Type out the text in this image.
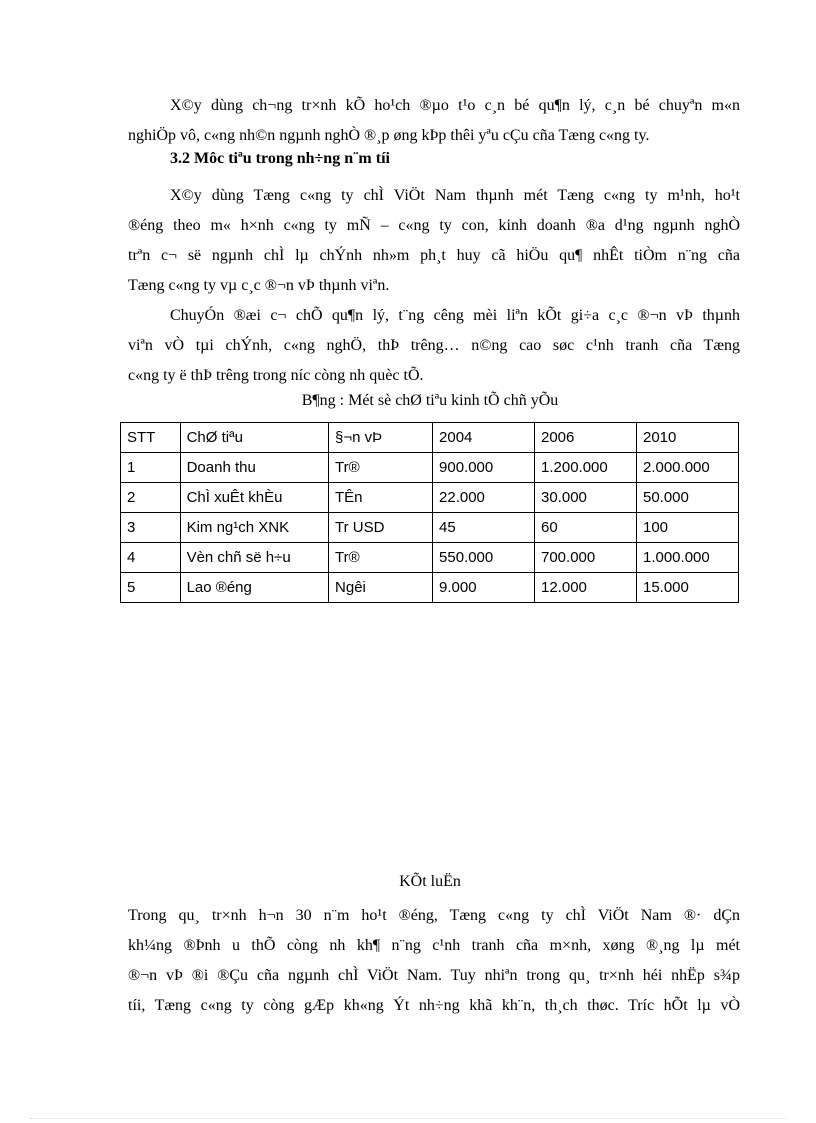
X©y dùng ch¬ng tr×nh kÕ ho¹ch ®µo t¹o c¸n bé qu¶n lý, c¸n bé chuyªn m«n
nghiÖp vô, c«ng nh©n ngµnh nghÒ ®¸p øng kÞp thêi yªu cÇu cña Tæng c«ng ty.
3.2 Môc tiªu trong nh÷ng n¨m tíi
X©y dùng Tæng c«ng ty chÌ ViÖt Nam thµnh mét Tæng c«ng ty m¹nh, ho¹t
®éng theo m« h×nh c«ng ty mÑ – c«ng ty con, kinh doanh ®a d¹ng ngµnh nghÒ
trªn c¬ së ngµnh chÌ lµ chÝnh nh»m ph¸t huy cã hiÖu qu¶ nhÊt tiÒm n¨ng cña
Tæng c«ng ty vµ c¸c ®¬n vÞ thµnh viªn.
ChuyÓn ®æi c¬ chÕ qu¶n lý, t¨ng cêng mèi liªn kÕt gi÷a c¸c ®¬n vÞ thµnh
viªn vÒ tµi chÝnh, c«ng nghÖ, thÞ trêng… n©ng cao søc c¹nh tranh cña Tæng
c«ng ty ë thÞ trêng trong níc còng nh quèc tÕ.
B¶ng : Mét sè chØ tiªu kinh tÕ chñ yÕu
STT	ChØ tiªu	§¬n vÞ	2004	2006	2010
1	Doanh thu	Tr®	900.000	1.200.000	2.000.000
2	ChÌ xuÊt khÈu	TÊn	22.000	30.000	50.000
3	Kim ng¹ch XNK	Tr USD	45	60	100
4	Vèn chñ së h÷u	Tr®	550.000	700.000	1.000.000
5	Lao ®éng	Ngêi	9.000	12.000	15.000
KÕt luËn
Trong qu¸ tr×nh h¬n 30 n¨m ho¹t ®éng, Tæng c«ng ty chÌ ViÖt Nam ®· dÇn
kh¼ng ®Þnh u thÕ còng nh kh¶ n¨ng c¹nh tranh cña m×nh, xøng ®¸ng lµ mét
®¬n vÞ ®i ®Çu cña ngµnh chÌ ViÖt Nam. Tuy nhiªn trong qu¸ tr×nh héi nhËp s¾p
tíi, Tæng c«ng ty còng gÆp kh«ng Ýt nh÷ng khã kh¨n, th¸ch thøc. Tríc hÕt lµ vÒ
